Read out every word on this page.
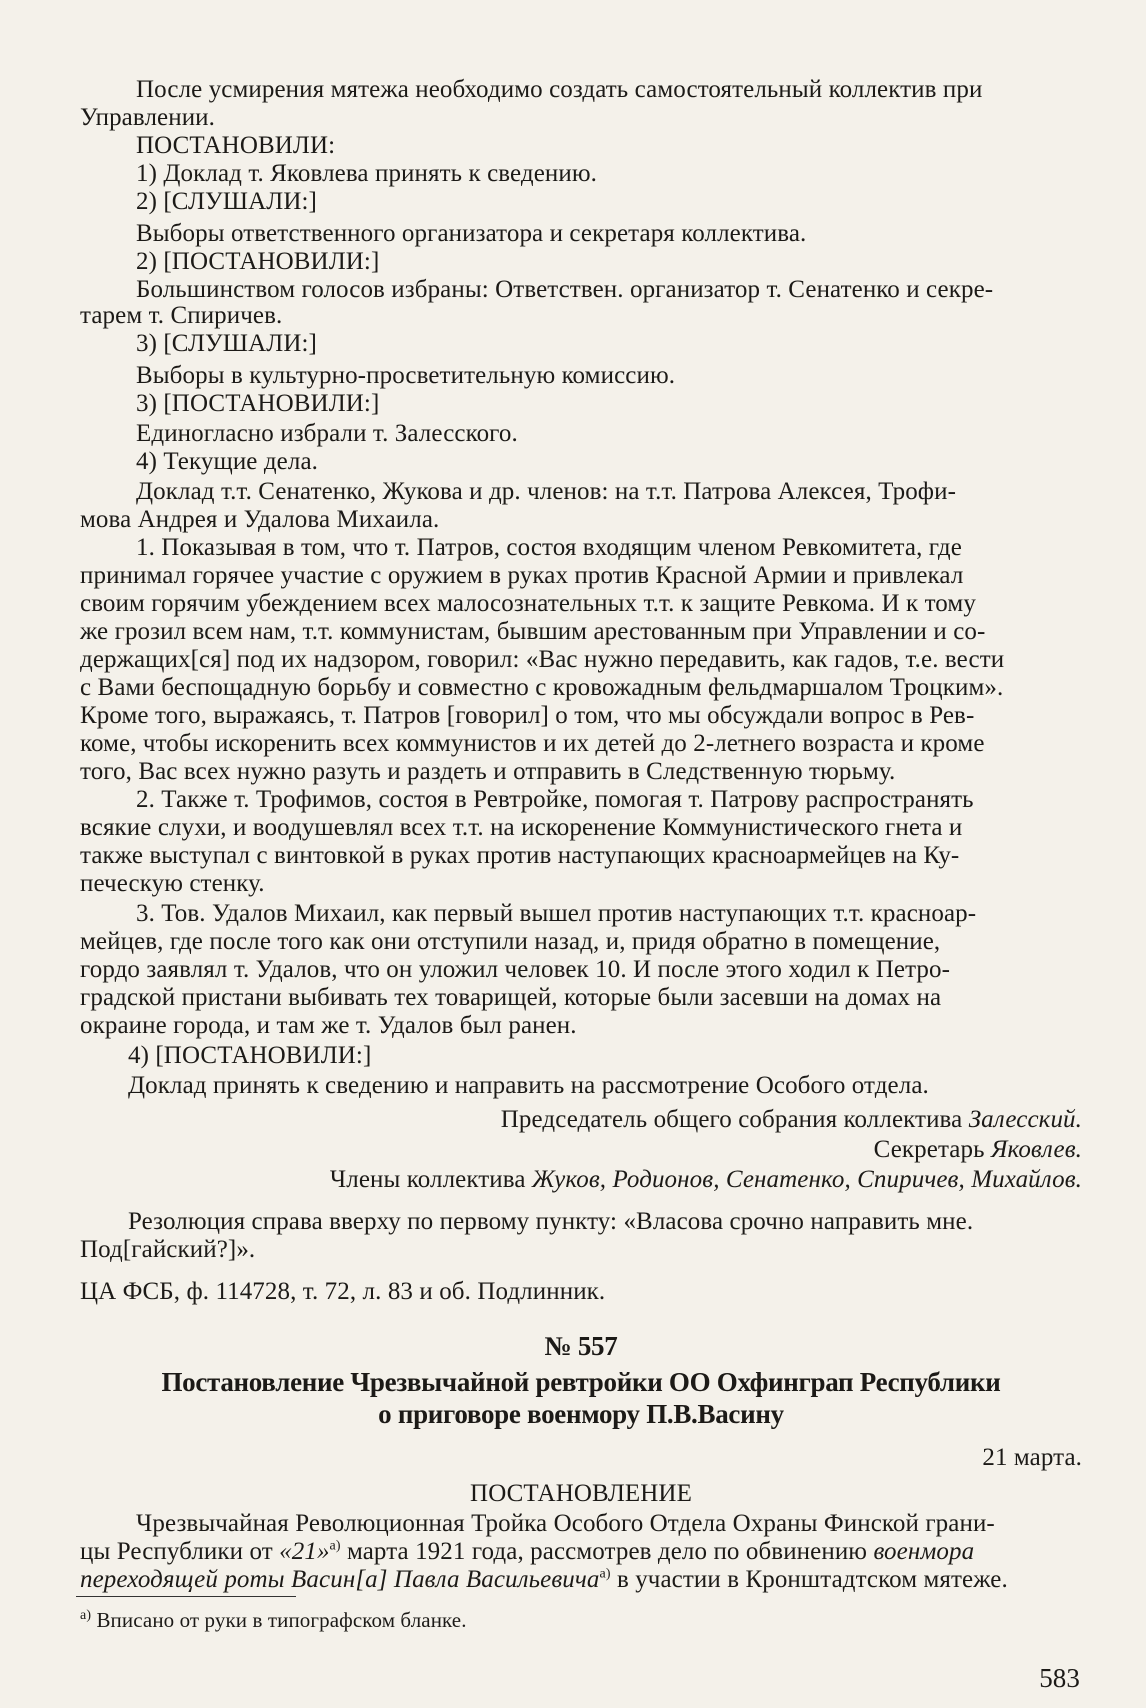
После усмирения мятежа необходимо создать самостоятельный коллектив при
Управлении.
ПОСТАНОВИЛИ:
1) Доклад т. Яковлева принять к сведению.
2) [СЛУШАЛИ:]
Выборы ответственного организатора и секретаря коллектива.
2) [ПОСТАНОВИЛИ:]
Большинством голосов избраны: Ответствен. организатор т. Сенатенко и секре-
тарем т. Спиричев.
3) [СЛУШАЛИ:]
Выборы в культурно-просветительную комиссию.
3) [ПОСТАНОВИЛИ:]
Единогласно избрали т. Залесского.
4) Текущие дела.
Доклад т.т. Сенатенко, Жукова и др. членов: на т.т. Патрова Алексея, Трофи-
мова Андрея и Удалова Михаила.
1. Показывая в том, что т. Патров, состоя входящим членом Ревкомитета, где
принимал горячее участие с оружием в руках против Красной Армии и привлекал
своим горячим убеждением всех малосознательных т.т. к защите Ревкома. И к тому
же грозил всем нам, т.т. коммунистам, бывшим арестованным при Управлении и со-
держащих[ся] под их надзором, говорил: «Вас нужно передавить, как гадов, т.е. вести
с Вами беспощадную борьбу и совместно с кровожадным фельдмаршалом Троцким».
Кроме того, выражаясь, т. Патров [говорил] о том, что мы обсуждали вопрос в Рев-
коме, чтобы искоренить всех коммунистов и их детей до 2-летнего возраста и кроме
того, Вас всех нужно разуть и раздеть и отправить в Следственную тюрьму.
2. Также т. Трофимов, состоя в Ревтройке, помогая т. Патрову распространять
всякие слухи, и воодушевлял всех т.т. на искоренение Коммунистического гнета и
также выступал с винтовкой в руках против наступающих красноармейцев на Ку-
печескую стенку.
3. Тов. Удалов Михаил, как первый вышел против наступающих т.т. красноар-
мейцев, где после того как они отступили назад, и, придя обратно в помещение,
гордо заявлял т. Удалов, что он уложил человек 10. И после этого ходил к Петро-
градской пристани выбивать тех товарищей, которые были засевши на домах на
окраине города, и там же т. Удалов был ранен.
4) [ПОСТАНОВИЛИ:]
Доклад принять к сведению и направить на рассмотрение Особого отдела.
Председатель общего собрания коллектива Залесский.
Секретарь Яковлев.
Члены коллектива Жуков, Родионов, Сенатенко, Спиричев, Михайлов.
Резолюция справа вверху по первому пункту: «Власова срочно направить мне.
Под[гайский?]».
ЦА ФСБ, ф. 114728, т. 72, л. 83 и об. Подлинник.
№ 557
Постановление Чрезвычайной ревтройки ОО Охфинграп Республики
о приговоре военмору П.В.Васину
21 марта.
ПОСТАНОВЛЕНИЕ
Чрезвычайная Революционная Тройка Особого Отдела Охраны Финской грани-
цы Республики от «21»$^{а)}$ марта 1921 года, рассмотрев дело по обвинению военмора
переходящей роты Васин[а] Павла Васильевича$^{а)}$ в участии в Кронштадтском мятеже.
$^{а)}$ Вписано от руки в типографском бланке.
583
